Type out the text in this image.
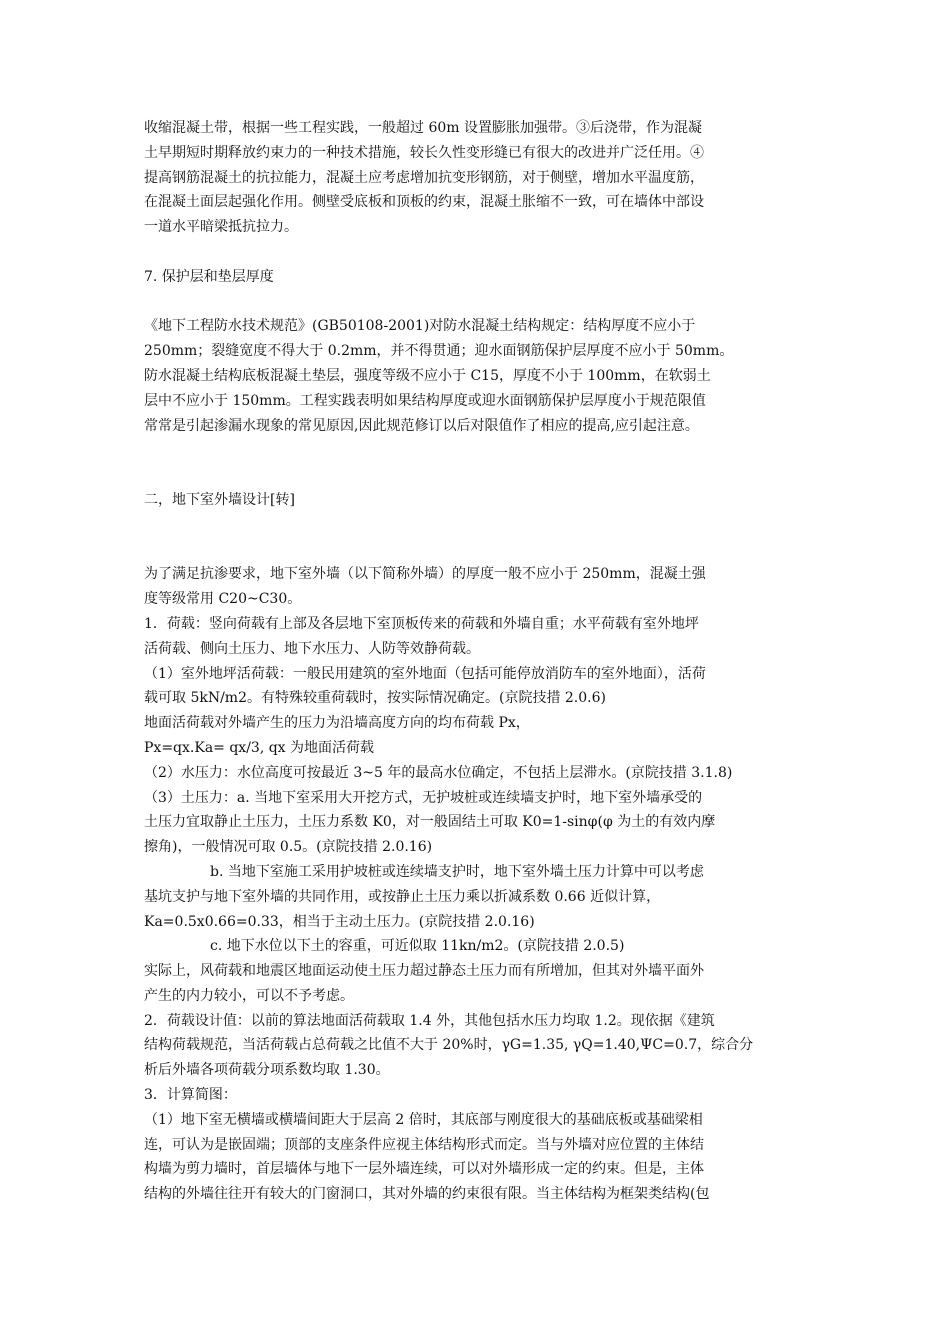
收缩混凝土带，根据一些工程实践，一般超过 60m 设置膨胀加强带。③后浇带，作为混凝
土早期短时期释放约束力的一种技术措施，较长久性变形缝已有很大的改进并广泛任用。④
提高钢筋混凝土的抗拉能力，混凝土应考虑增加抗变形钢筋，对于侧壁，增加水平温度筋，
在混凝土面层起强化作用。侧壁受底板和顶板的约束，混凝土胀缩不一致，可在墙体中部设
一道水平暗梁抵抗拉力。
7. 保护层和垫层厚度
《地下工程防水技术规范》(GB50108-2001)对防水混凝土结构规定：结构厚度不应小于
250mm；裂缝宽度不得大于 0.2mm，并不得贯通；迎水面钢筋保护层厚度不应小于 50mm。
防水混凝土结构底板混凝土垫层，强度等级不应小于 C15，厚度不小于 100mm，在软弱土
层中不应小于 150mm。工程实践表明如果结构厚度或迎水面钢筋保护层厚度小于规范限值
常常是引起渗漏水现象的常见原因,因此规范修订以后对限值作了相应的提高,应引起注意。
二，地下室外墙设计[转]
为了满足抗渗要求，地下室外墙（以下简称外墙）的厚度一般不应小于 250mm，混凝土强
度等级常用 C20~C30。
1．荷载：竖向荷载有上部及各层地下室顶板传来的荷载和外墙自重；水平荷载有室外地坪
活荷载、侧向土压力、地下水压力、人防等效静荷载。
（1）室外地坪活荷载：一般民用建筑的室外地面（包括可能停放消防车的室外地面），活荷
载可取 5kN/m2。有特殊较重荷载时，按实际情况确定。(京院技措 2.0.6)
地面活荷载对外墙产生的压力为沿墙高度方向的均布荷载 Px，
Px=qx.Ka= qx/3, qx 为地面活荷载
（2）水压力：水位高度可按最近 3~5 年的最高水位确定，不包括上层滞水。(京院技措 3.1.8)
（3）土压力：a. 当地下室采用大开挖方式，无护坡桩或连续墙支护时，地下室外墙承受的
土压力宜取静止土压力，土压力系数 K0，对一般固结土可取 K0=1-sinφ(φ 为土的有效内摩
擦角)，一般情况可取 0.5。(京院技措 2.0.16)
b. 当地下室施工采用护坡桩或连续墙支护时，地下室外墙土压力计算中可以考虑
基坑支护与地下室外墙的共同作用，或按静止土压力乘以折减系数 0.66 近似计算，
Ka=0.5x0.66=0.33，相当于主动土压力。(京院技措 2.0.16)
c. 地下水位以下土的容重，可近似取 11kn/m2。(京院技措 2.0.5)
实际上，风荷载和地震区地面运动使土压力超过静态土压力而有所增加，但其对外墙平面外
产生的内力较小，可以不予考虑。
2．荷载设计值：以前的算法地面活荷载取 1.4 外，其他包括水压力均取 1.2。现依据《建筑
结构荷载规范，当活荷载占总荷载之比值不大于 20%时，γG=1.35, γQ=1.40,ΨC=0.7，综合分
析后外墙各项荷载分项系数均取 1.30。
3．计算简图：
（1）地下室无横墙或横墙间距大于层高 2 倍时，其底部与刚度很大的基础底板或基础梁相
连，可认为是嵌固端；顶部的支座条件应视主体结构形式而定。当与外墙对应位置的主体结
构墙为剪力墙时，首层墙体与地下一层外墙连续，可以对外墙形成一定的约束。但是，主体
结构的外墙往往开有较大的门窗洞口，其对外墙的约束很有限。当主体结构为框架类结构(包
